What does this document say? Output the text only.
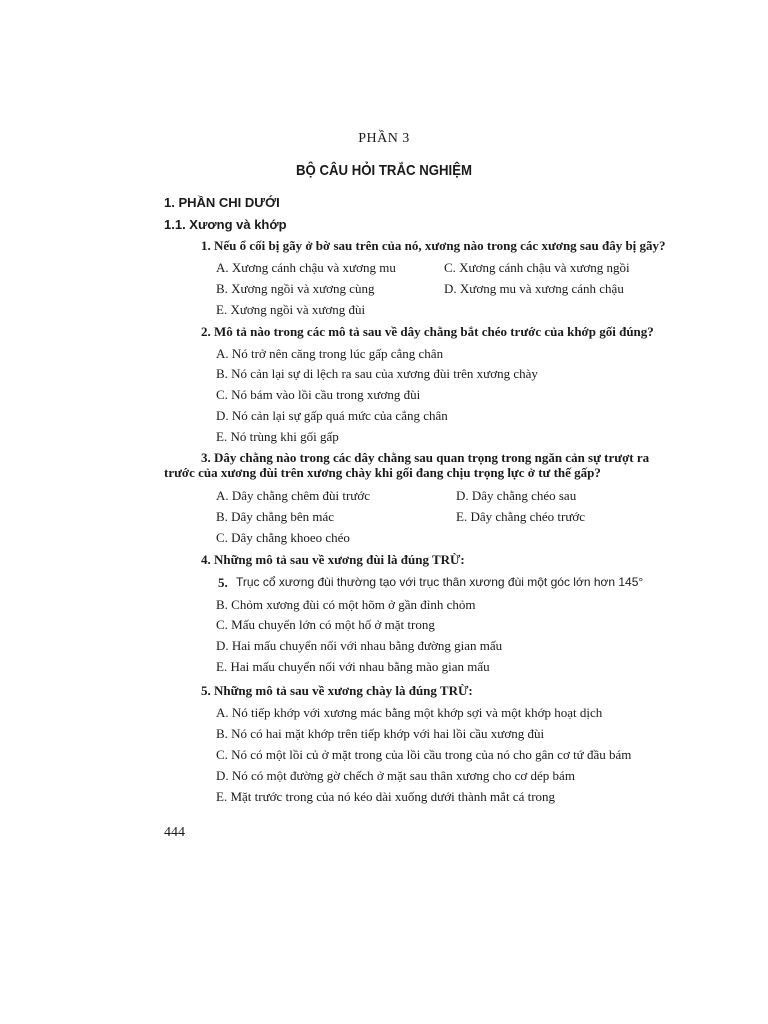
PHẦN 3
BỘ CÂU HỎI TRẮC NGHIỆM
1. PHẦN CHI DƯỚI
1.1. Xương và khớp
1. Nếu ổ cối bị gãy ở bờ sau trên của nó, xương nào trong các xương sau đây bị gãy?
A. Xương cánh chậu và xương mu	C. Xương cánh chậu và xương ngồi
B. Xương ngồi và xương cùng	D. Xương mu và xương cánh chậu
E. Xương ngồi và xương đùi
2. Mô tả nào trong các mô tả sau về dây chằng bắt chéo trước của khớp gối đúng?
A. Nó trở nên căng trong lúc gấp cẳng chân
B. Nó cản lại sự di lệch ra sau của xương đùi trên xương chày
C. Nó bám vào lồi cầu trong xương đùi
D. Nó cản lại sự gấp quá mức của cẳng chân
E. Nó trùng khi gối gấp
3. Dây chằng nào trong các dây chằng sau quan trọng trong ngăn cản sự trượt ra
trước của xương đùi trên xương chày khi gối đang chịu trọng lực ở tư thế gấp?
A. Dây chằng chêm đùi trước	D. Dây chằng chéo sau
B. Dây chằng bên mác	E. Dây chằng chéo trước
C. Dây chằng khoeo chéo
4. Những mô tả sau về xương đùi là đúng TRỪ:
5. Trục cổ xương đùi thường tạo với trục thân xương đùi một góc lớn hơn 145°
B. Chỏm xương đùi có một hõm ở gần đỉnh chỏm
C. Mấu chuyển lớn có một hố ở mặt trong
D. Hai mấu chuyển nối với nhau bằng đường gian mấu
E. Hai mấu chuyển nối với nhau bằng mào gian mấu
5. Những mô tả sau về xương chày là đúng TRỪ:
A. Nó tiếp khớp với xương mác bằng một khớp sợi và một khớp hoạt dịch
B. Nó có hai mặt khớp trên tiếp khớp với hai lồi cầu xương đùi
C. Nó có một lồi củ ở mặt trong của lồi cầu trong của nó cho gân cơ tứ đầu bám
D. Nó có một đường gờ chếch ở mặt sau thân xương cho cơ dép bám
E. Mặt trước trong của nó kéo dài xuống dưới thành mắt cá trong
444
